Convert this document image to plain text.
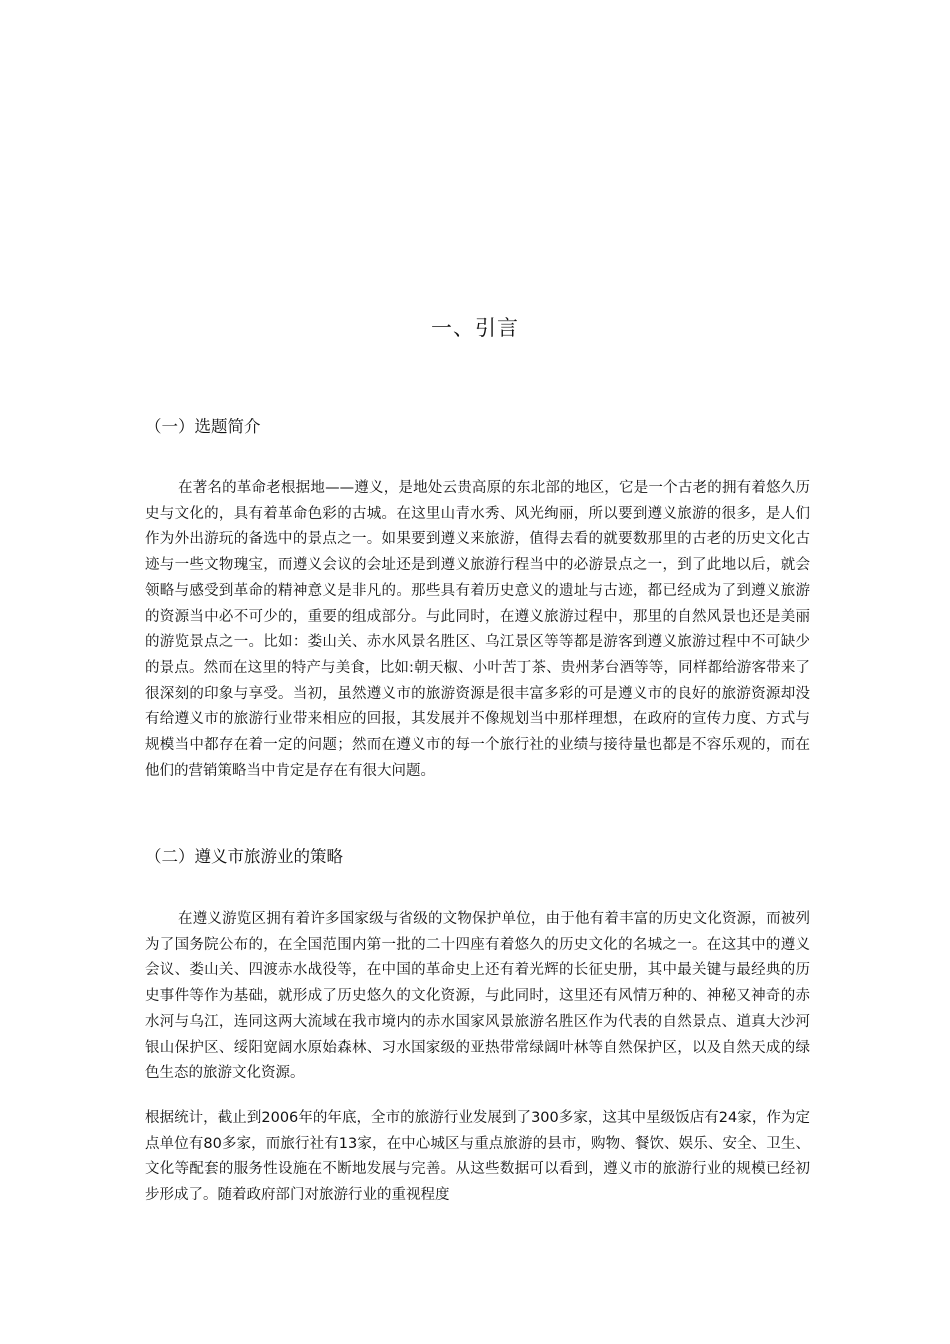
一、引言
（一）选题简介

在著名的革命老根据地——遵义，是地处云贵高原的东北部的地区，它是一个古老的拥有着悠久历史与文化的，具有着革命色彩的古城。在这里山青水秀、风光绚丽，所以要到遵义旅游的很多，是人们作为外出游玩的备选中的景点之一。如果要到遵义来旅游，值得去看的就要数那里的古老的历史文化古迹与一些文物瑰宝，而遵义会议的会址还是到遵义旅游行程当中的必游景点之一，到了此地以后，就会领略与感受到革命的精神意义是非凡的。那些具有着历史意义的遗址与古迹，都已经成为了到遵义旅游的资源当中必不可少的，重要的组成部分。与此同时，在遵义旅游过程中，那里的自然风景也还是美丽的游览景点之一。比如：娄山关、赤水风景名胜区、乌江景区等等都是游客到遵义旅游过程中不可缺少的景点。然而在这里的特产与美食，比如:朝天椒、小叶苦丁茶、贵州茅台酒等等，同样都给游客带来了很深刻的印象与享受。当初，虽然遵义市的旅游资源是很丰富多彩的可是遵义市的良好的旅游资源却没有给遵义市的旅游行业带来相应的回报，其发展并不像规划当中那样理想，在政府的宣传力度、方式与规模当中都存在着一定的问题；然而在遵义市的每一个旅行社的业绩与接待量也都是不容乐观的，而在他们的营销策略当中肯定是存在有很大问题。

（二）遵义市旅游业的策略

在遵义游览区拥有着许多国家级与省级的文物保护单位，由于他有着丰富的历史文化资源，而被列为了国务院公布的，在全国范围内第一批的二十四座有着悠久的历史文化的名城之一。在这其中的遵义会议、娄山关、四渡赤水战役等，在中国的革命史上还有着光辉的长征史册，其中最关键与最经典的历史事件等作为基础，就形成了历史悠久的文化资源，与此同时，这里还有风情万种的、神秘又神奇的赤水河与乌江，连同这两大流域在我市境内的赤水国家风景旅游名胜区作为代表的自然景点、道真大沙河银山保护区、绥阳宽阔水原始森林、习水国家级的亚热带常绿阔叶林等自然保护区，以及自然天成的绿色生态的旅游文化资源。

根据统计，截止到2006年的年底，全市的旅游行业发展到了300多家，这其中星级饭店有24家，作为定点单位有80多家，而旅行社有13家，在中心城区与重点旅游的县市，购物、餐饮、娱乐、安全、卫生、文化等配套的服务性设施在不断地发展与完善。从这些数据可以看到，遵义市的旅游行业的规模已经初步形成了。随着政府部门对旅游行业的重视程度
